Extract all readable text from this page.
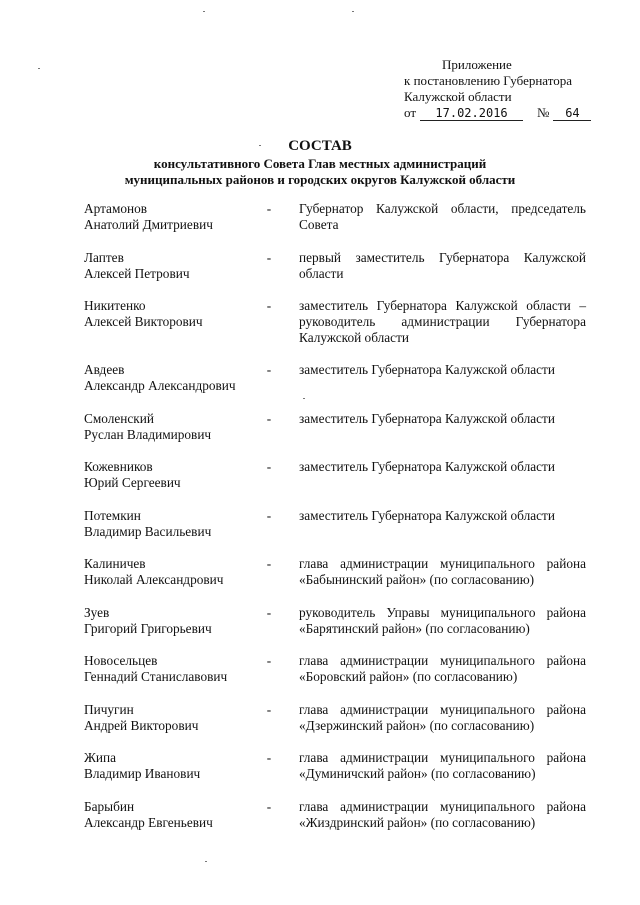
Приложение
к постановлению Губернатора
Калужской области
от	17.02.2016	№	64
СОСТАВ
консультативного Совета Глав местных администраций
муниципальных районов и городских округов Калужской области
Артамонов
Анатолий Дмитриевич
- Губернатор Калужской области, председатель Совета
Лаптев
Алексей Петрович
- первый заместитель Губернатора Калужской области
Никитенко
Алексей Викторович
- заместитель Губернатора Калужской области – руководитель администрации Губернатора Калужской области
Авдеев
Александр Александрович
- заместитель Губернатора Калужской области
Смоленский
Руслан Владимирович
- заместитель Губернатора Калужской области
Кожевников
Юрий Сергеевич
- заместитель Губернатора Калужской области
Потемкин
Владимир Васильевич
- заместитель Губернатора Калужской области
Калиничев
Николай Александрович
- глава администрации муниципального района «Бабынинский район» (по согласованию)
Зуев
Григорий Григорьевич
- руководитель Управы муниципального района «Барятинский район» (по согласованию)
Новосельцев
Геннадий Станиславович
- глава администрации муниципального района «Боровский район» (по согласованию)
Пичугин
Андрей Викторович
- глава администрации муниципального района «Дзержинский район» (по согласованию)
Жипа
Владимир Иванович
- глава администрации муниципального района «Думиничский район» (по согласованию)
Барыбин
Александр Евгеньевич
- глава администрации муниципального района «Жиздринский район» (по согласованию)
